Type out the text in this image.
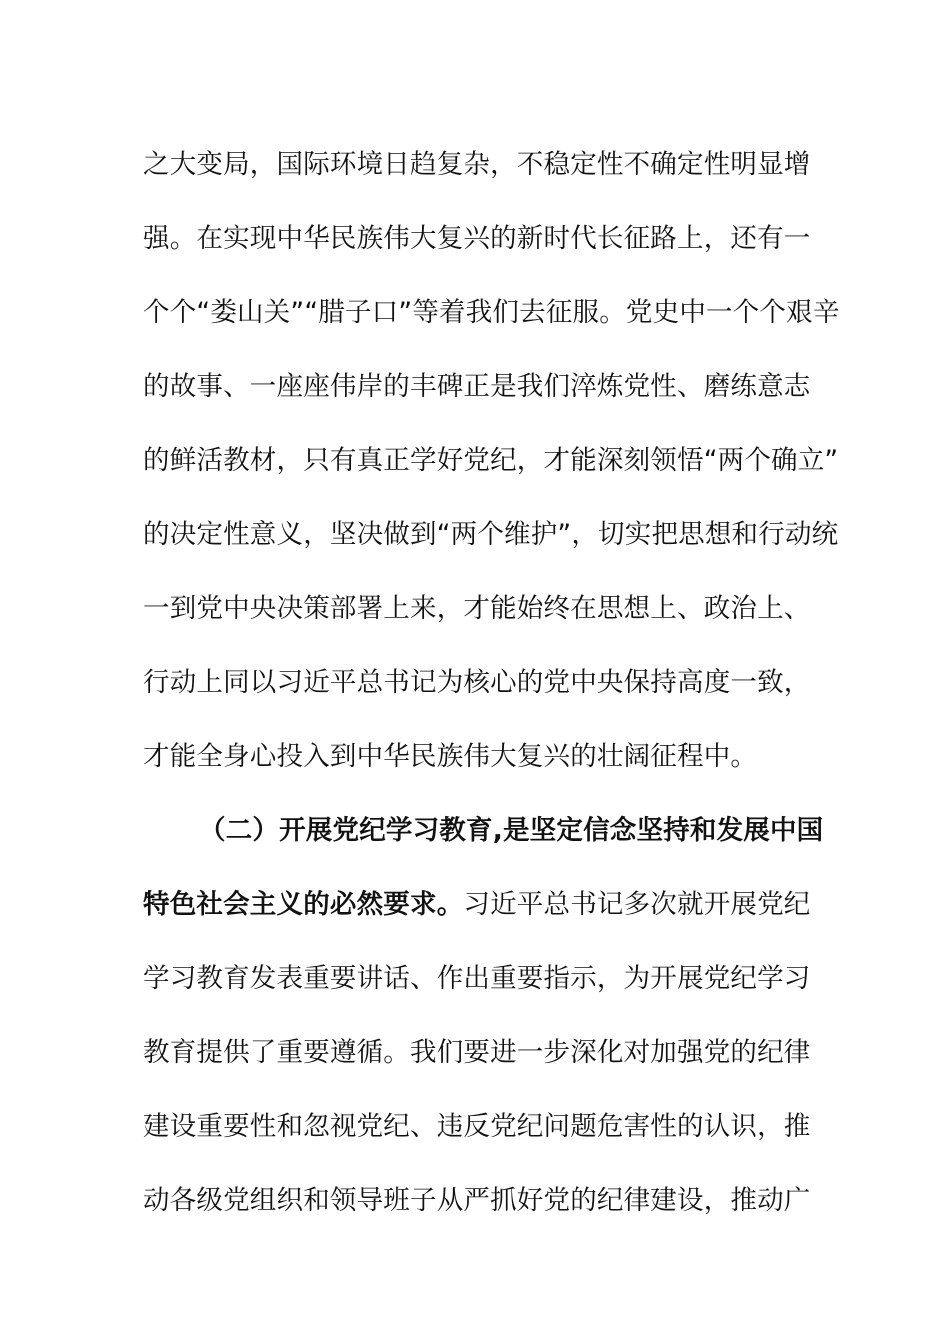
之大变局，国际环境日趋复杂，不稳定性不确定性明显增
强。在实现中华民族伟大复兴的新时代长征路上，还有一
个个“娄山关”“腊子口”等着我们去征服。党史中一个个艰辛
的故事、一座座伟岸的丰碑正是我们淬炼党性、磨练意志
的鲜活教材，只有真正学好党纪，才能深刻领悟“两个确立”
的决定性意义，坚决做到“两个维护”，切实把思想和行动统
一到党中央决策部署上来，才能始终在思想上、政治上、
行动上同以习近平总书记为核心的党中央保持高度一致，
才能全身心投入到中华民族伟大复兴的壮阔征程中。
（二）开展党纪学习教育,是坚定信念坚持和发展中国
特色社会主义的必然要求。 习近平总书记多次就开展党纪
学习教育发表重要讲话、作出重要指示，为开展党纪学习
教育提供了重要遵循。我们要进一步深化对加强党的纪律
建设重要性和忽视党纪、违反党纪问题危害性的认识，推
动各级党组织和领导班子从严抓好党的纪律建设，推动广
